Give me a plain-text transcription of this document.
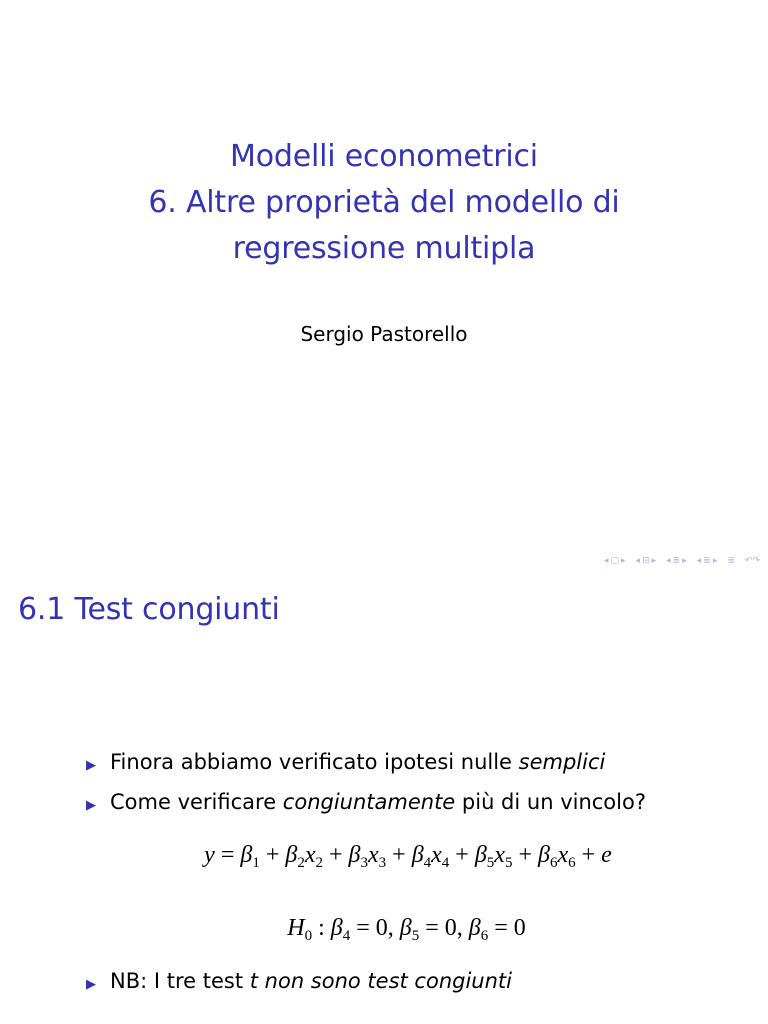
Modelli econometrici
6. Altre proprietà del modello di
regressione multipla
Sergio Pastorello
◂ □ ▸ ◂ ⊟ ▸ ◂ ≣ ▸ ◂ ≣ ▸ ≣ ↶↷
6.1 Test congiunti
▶ Finora abbiamo verificato ipotesi nulle semplici
▶ Come verificare congiuntamente più di un vincolo?
$y = \beta_1 + \beta_2x_2 + \beta_3x_3 + \beta_4x_4 + \beta_5x_5 + \beta_6x_6 + e$
$H_0$ : $\beta_4 = 0$, $\beta_5 = 0$, $\beta_6 = 0$
▶ NB: I tre test t non sono test congiunti
